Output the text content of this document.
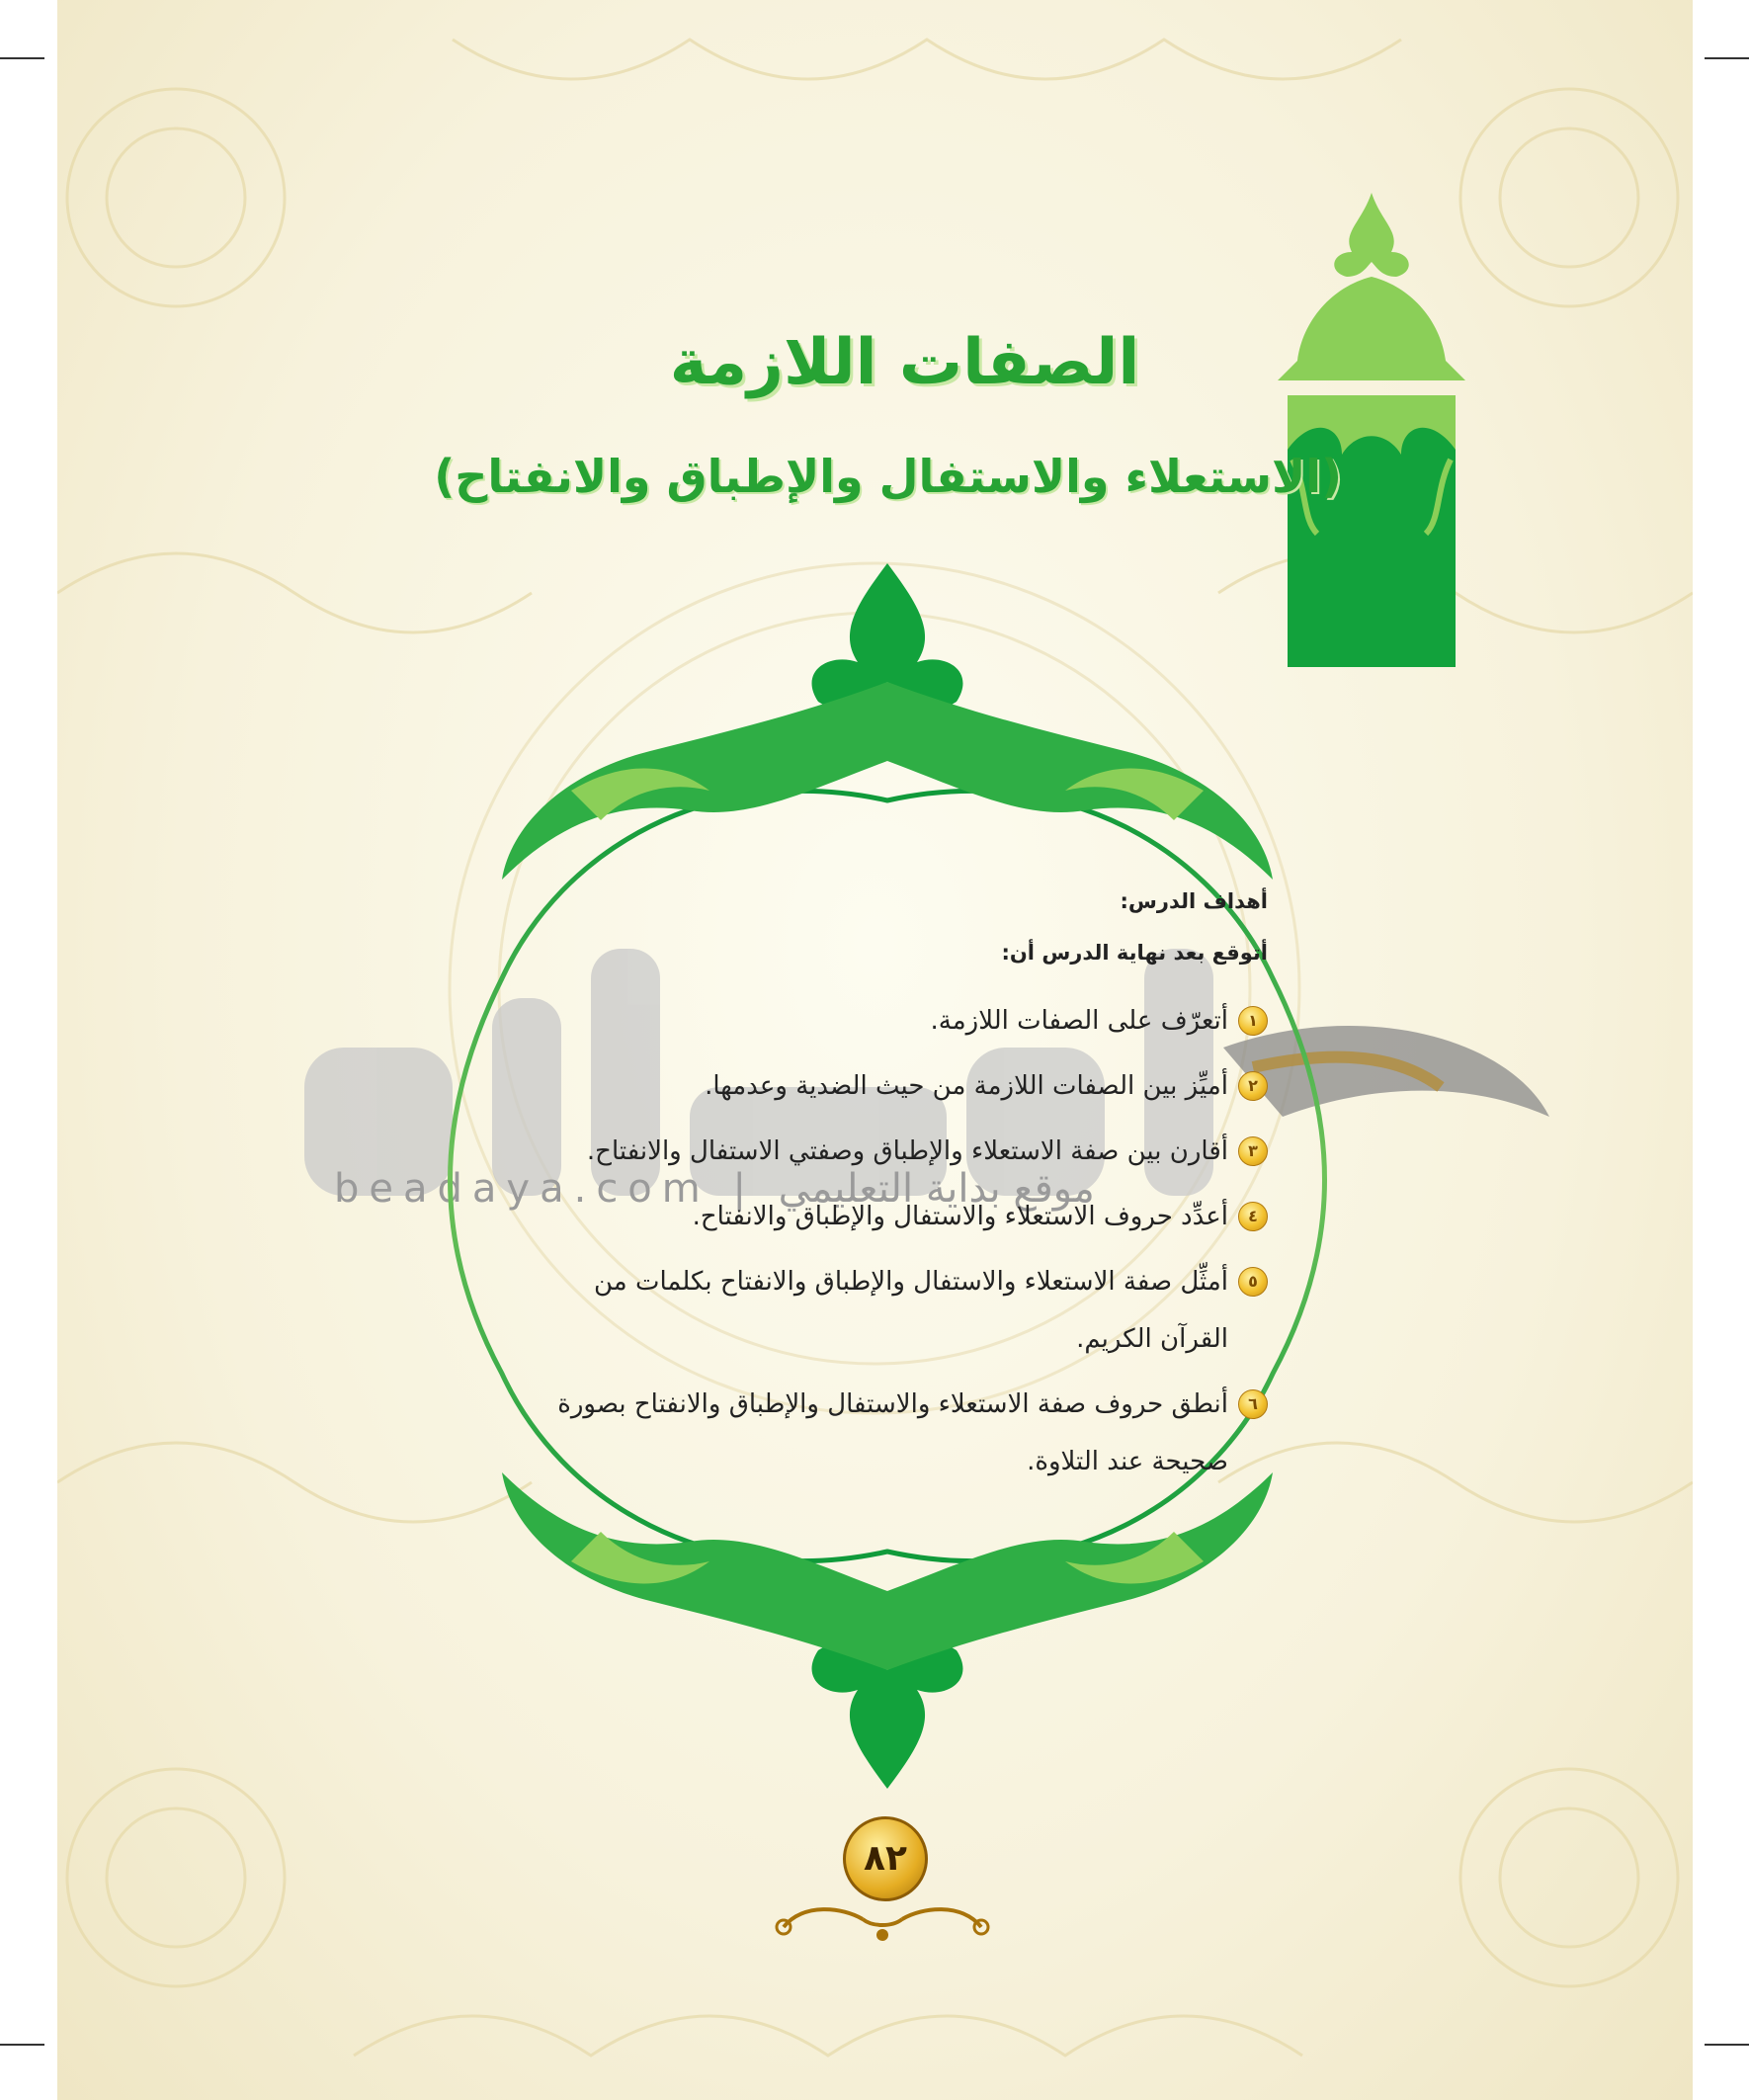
الصفات اللازمة
(الاستعلاء والاستفال والإطباق والانفتاح)
beadaya.com | موقع بداية التعليمي
أهداف الدرس:
أتوقع بعد نهاية الدرس أن:
١
أتعرّف على الصفات اللازمة.
٢
أميِّز بين الصفات اللازمة من حيث الضدية وعدمها.
٣
أقارن بين صفة الاستعلاء والإطباق وصفتي الاستفال والانفتاح.
٤
أعدِّد حروف الاستعلاء والاستفال والإطباق والانفتاح.
٥
أمثِّل صفة الاستعلاء والاستفال والإطباق والانفتاح بكلمات من القرآن الكريم.
٦
أنطق حروف صفة الاستعلاء والاستفال والإطباق والانفتاح بصورة صحيحة عند التلاوة.
٨٢
